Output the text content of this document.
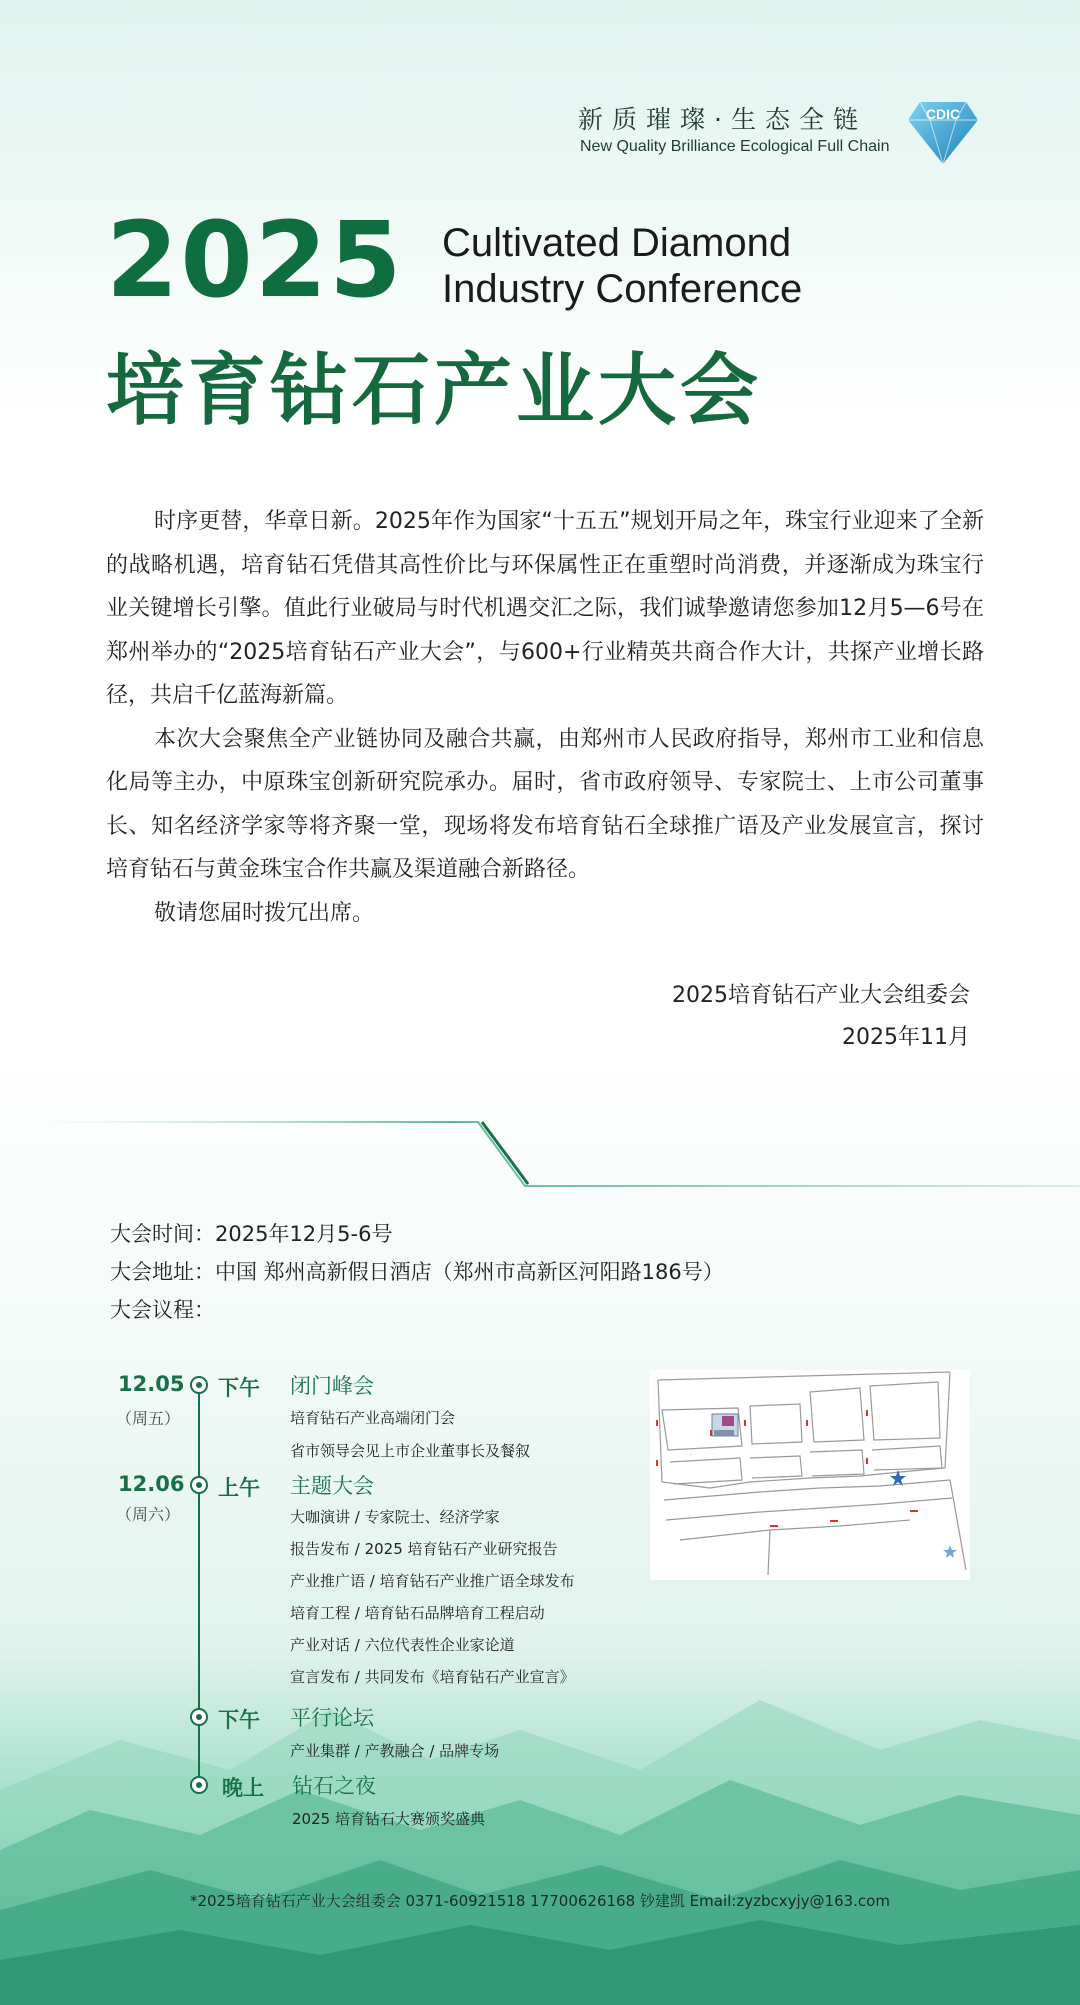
新质璀璨·生态全链
New Quality Brilliance Ecological Full Chain
CDIC
2025 Cultivated Diamond
Industry Conference
培育钻石产业大会

时序更替，华章日新。2025年作为国家“十五五”规划开局之年，珠宝行业迎来了全新的战略机遇，培育钻石凭借其高性价比与环保属性正在重塑时尚消费，并逐渐成为珠宝行业关键增长引擎。值此行业破局与时代机遇交汇之际，我们诚挚邀请您参加12月5—6号在郑州举办的“2025培育钻石产业大会”，与600+行业精英共商合作大计，共探产业增长路径，共启千亿蓝海新篇。

本次大会聚焦全产业链协同及融合共赢，由郑州市人民政府指导，郑州市工业和信息化局等主办，中原珠宝创新研究院承办。届时，省市政府领导、专家院士、上市公司董事长、知名经济学家等将齐聚一堂，现场将发布培育钻石全球推广语及产业发展宣言，探讨培育钻石与黄金珠宝合作共赢及渠道融合新路径。

敬请您届时拨冗出席。

2025培育钻石产业大会组委会
2025年11月
大会时间：2025年12月5-6号
大会地址：中国 郑州高新假日酒店（郑州市高新区河阳路186号）
大会议程：
12.05
（周五）
下午 闭门峰会
培育钻石产业高端闭门会
省市领导会见上市企业董事长及餐叙
12.06
（周六）
上午 主题大会
大咖演讲 / 专家院士、经济学家
报告发布 / 2025 培育钻石产业研究报告
产业推广语 / 培育钻石产业推广语全球发布
培育工程 / 培育钻石品牌培育工程启动
产业对话 / 六位代表性企业家论道
宣言发布 / 共同发布《培育钻石产业宣言》
下午 平行论坛
产业集群 / 产教融合 / 品牌专场
晚上 钻石之夜
2025 培育钻石大赛颁奖盛典
·
*2025培育钻石产业大会组委会 0371-60921518 17700626168 钞建凯 Email:zyzbcxyjy@163.com
